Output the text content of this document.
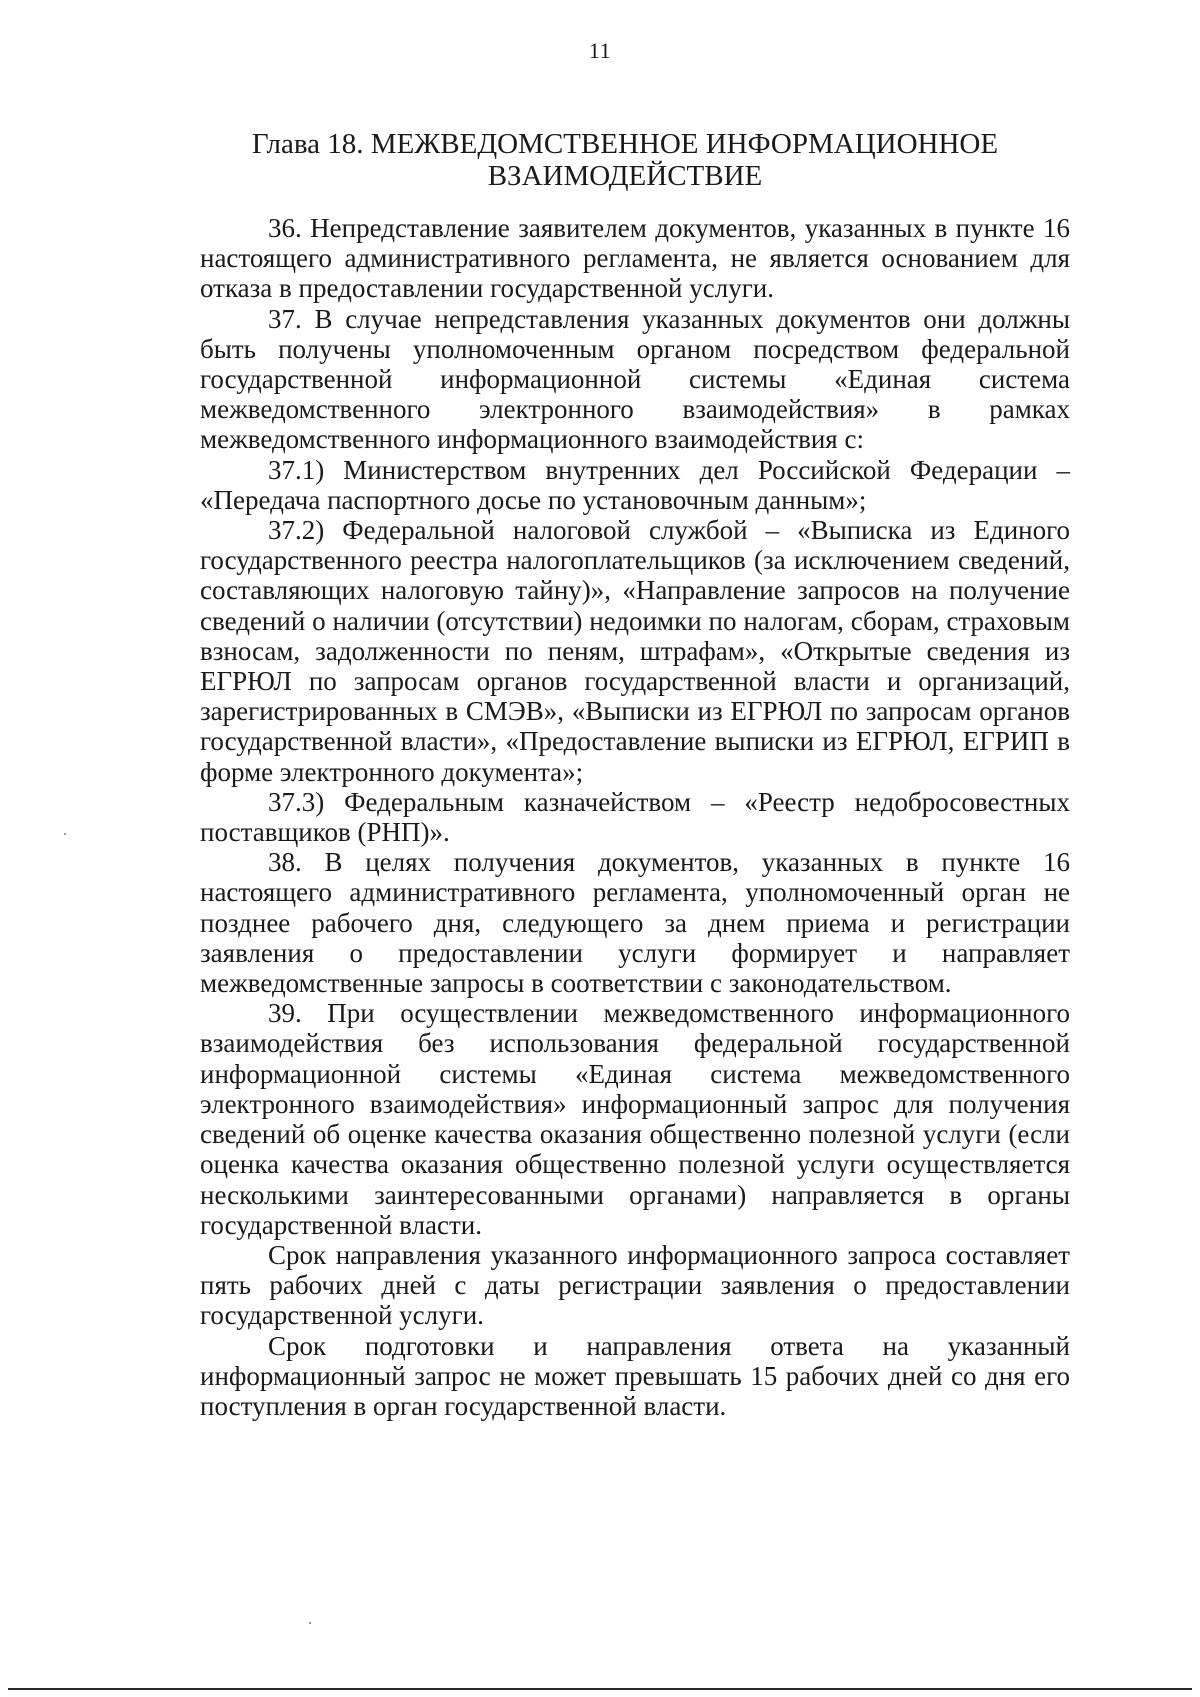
11
Глава 18. МЕЖВЕДОМСТВЕННОЕ ИНФОРМАЦИОННОЕ
ВЗАИМОДЕЙСТВИЕ

36. Непредставление заявителем документов, указанных в пункте 16 настоящего административного регламента, не является основанием для отказа в предоставлении государственной услуги.

37. В случае непредставления указанных документов они должны быть получены уполномоченным органом посредством федеральной государственной информационной системы «Единая система межведомственного электронного взаимодействия» в рамках межведомственного информационного взаимодействия с:

37.1) Министерством внутренних дел Российской Федерации – «Передача паспортного досье по установочным данным»;

37.2) Федеральной налоговой службой – «Выписка из Единого государственного реестра налогоплательщиков (за исключением сведений, составляющих налоговую тайну)», «Направление запросов на получение сведений о наличии (отсутствии) недоимки по налогам, сборам, страховым взносам, задолженности по пеням, штрафам», «Открытые сведения из ЕГРЮЛ по запросам органов государственной власти и организаций, зарегистрированных в СМЭВ», «Выписки из ЕГРЮЛ по запросам органов государственной власти», «Предоставление выписки из ЕГРЮЛ, ЕГРИП в форме электронного документа»;

37.3) Федеральным казначейством – «Реестр недобросовестных поставщиков (РНП)».

38. В целях получения документов, указанных в пункте 16 настоящего административного регламента, уполномоченный орган не позднее рабочего дня, следующего за днем приема и регистрации заявления о предоставлении услуги формирует и направляет межведомственные запросы в соответствии с законодательством.

39. При осуществлении межведомственного информационного взаимодействия без использования федеральной государственной информационной системы «Единая система межведомственного электронного взаимодействия» информационный запрос для получения сведений об оценке качества оказания общественно полезной услуги (если оценка качества оказания общественно полезной услуги осуществляется несколькими заинтересованными органами) направляется в органы государственной власти.

Срок направления указанного информационного запроса составляет пять рабочих дней с даты регистрации заявления о предоставлении государственной услуги.

Срок подготовки и направления ответа на указанный информационный запрос не может превышать 15 рабочих дней со дня его поступления в орган государственной власти.
